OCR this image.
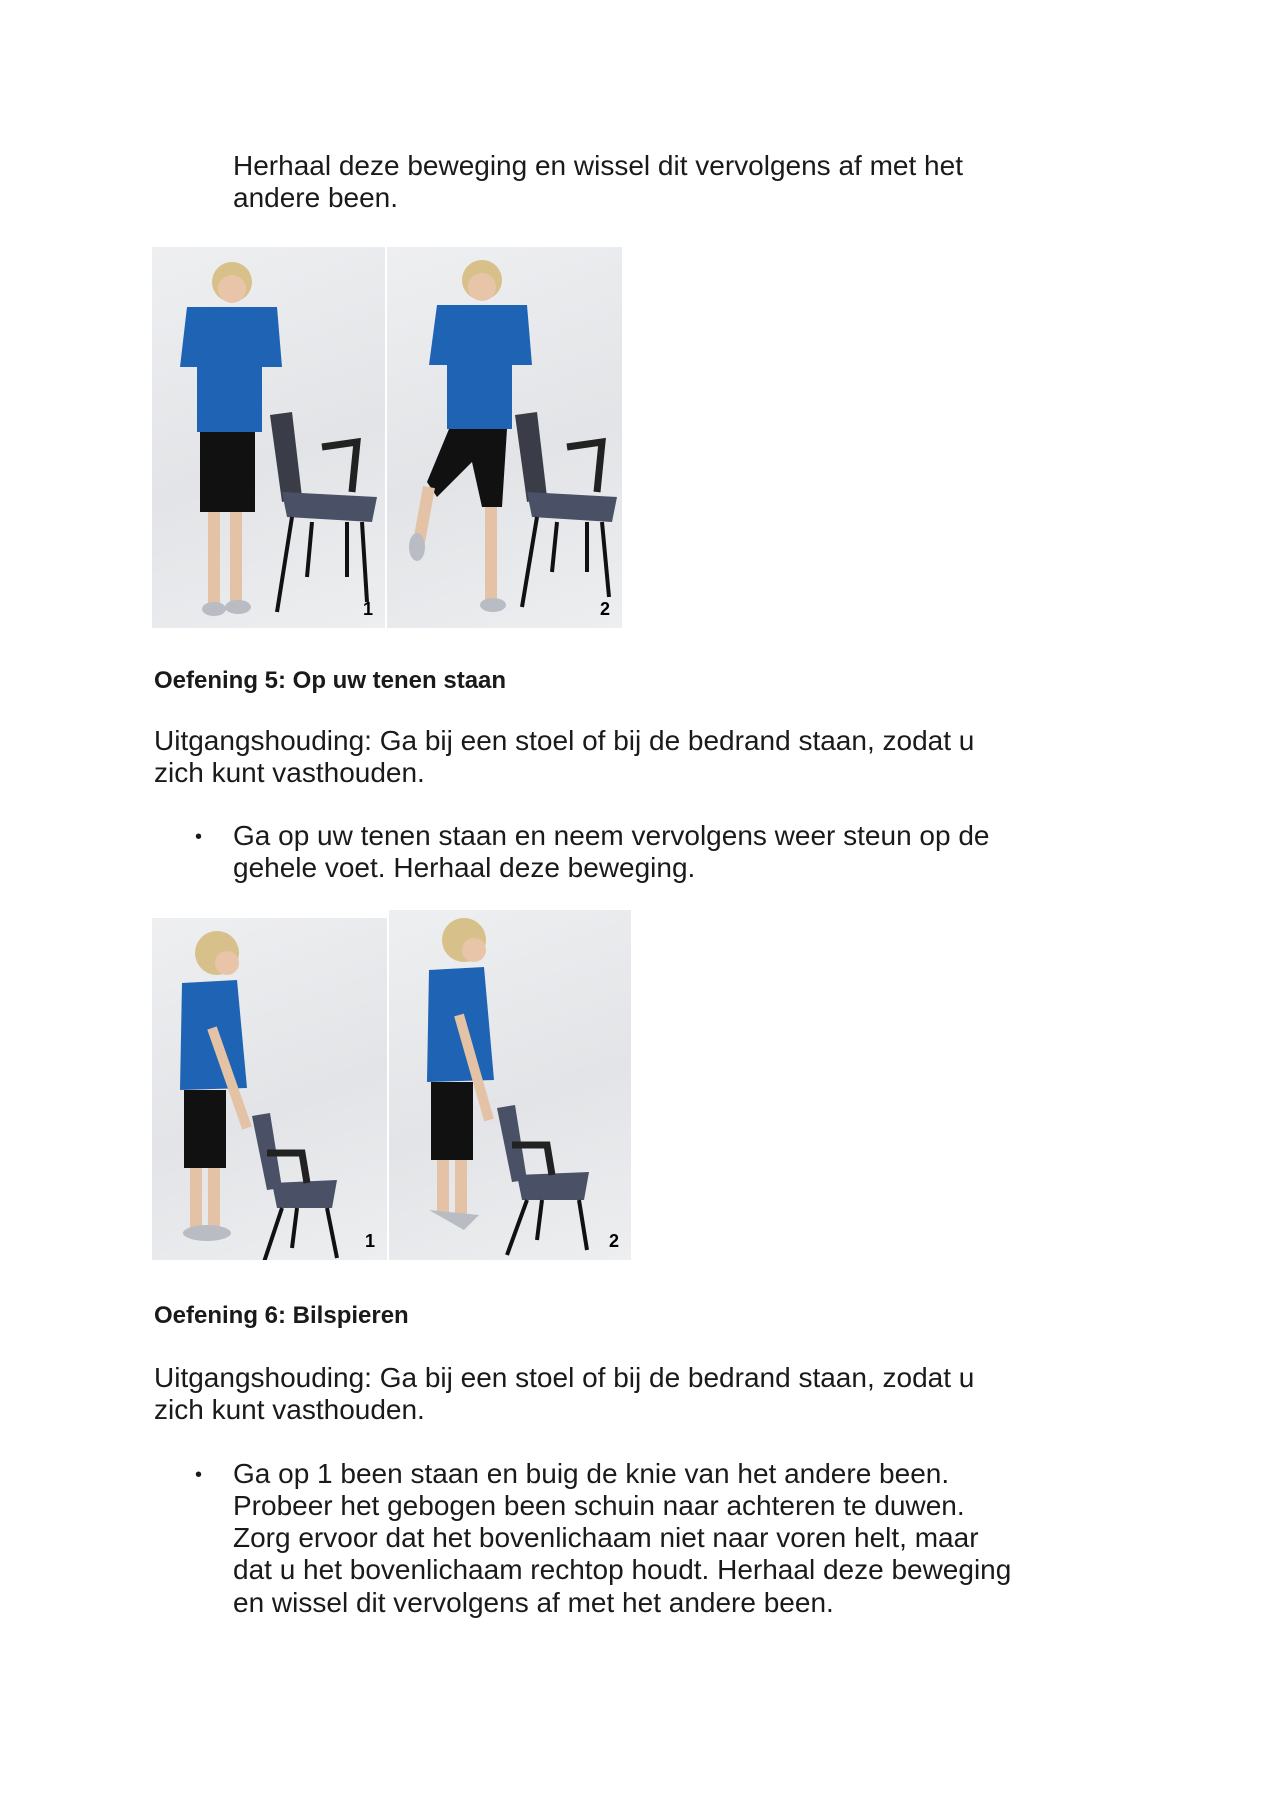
Herhaal deze beweging en wissel dit vervolgens af met het
andere been.
1	2
Oefening 5: Op uw tenen staan
Uitgangshouding: Ga bij een stoel of bij de bedrand staan, zodat u
zich kunt vasthouden.
• Ga op uw tenen staan en neem vervolgens weer steun op de
gehele voet. Herhaal deze beweging.
1	2
Oefening 6: Bilspieren
Uitgangshouding: Ga bij een stoel of bij de bedrand staan, zodat u
zich kunt vasthouden.
• Ga op 1 been staan en buig de knie van het andere been.
Probeer het gebogen been schuin naar achteren te duwen.
Zorg ervoor dat het bovenlichaam niet naar voren helt, maar
dat u het bovenlichaam rechtop houdt. Herhaal deze beweging
en wissel dit vervolgens af met het andere been.
